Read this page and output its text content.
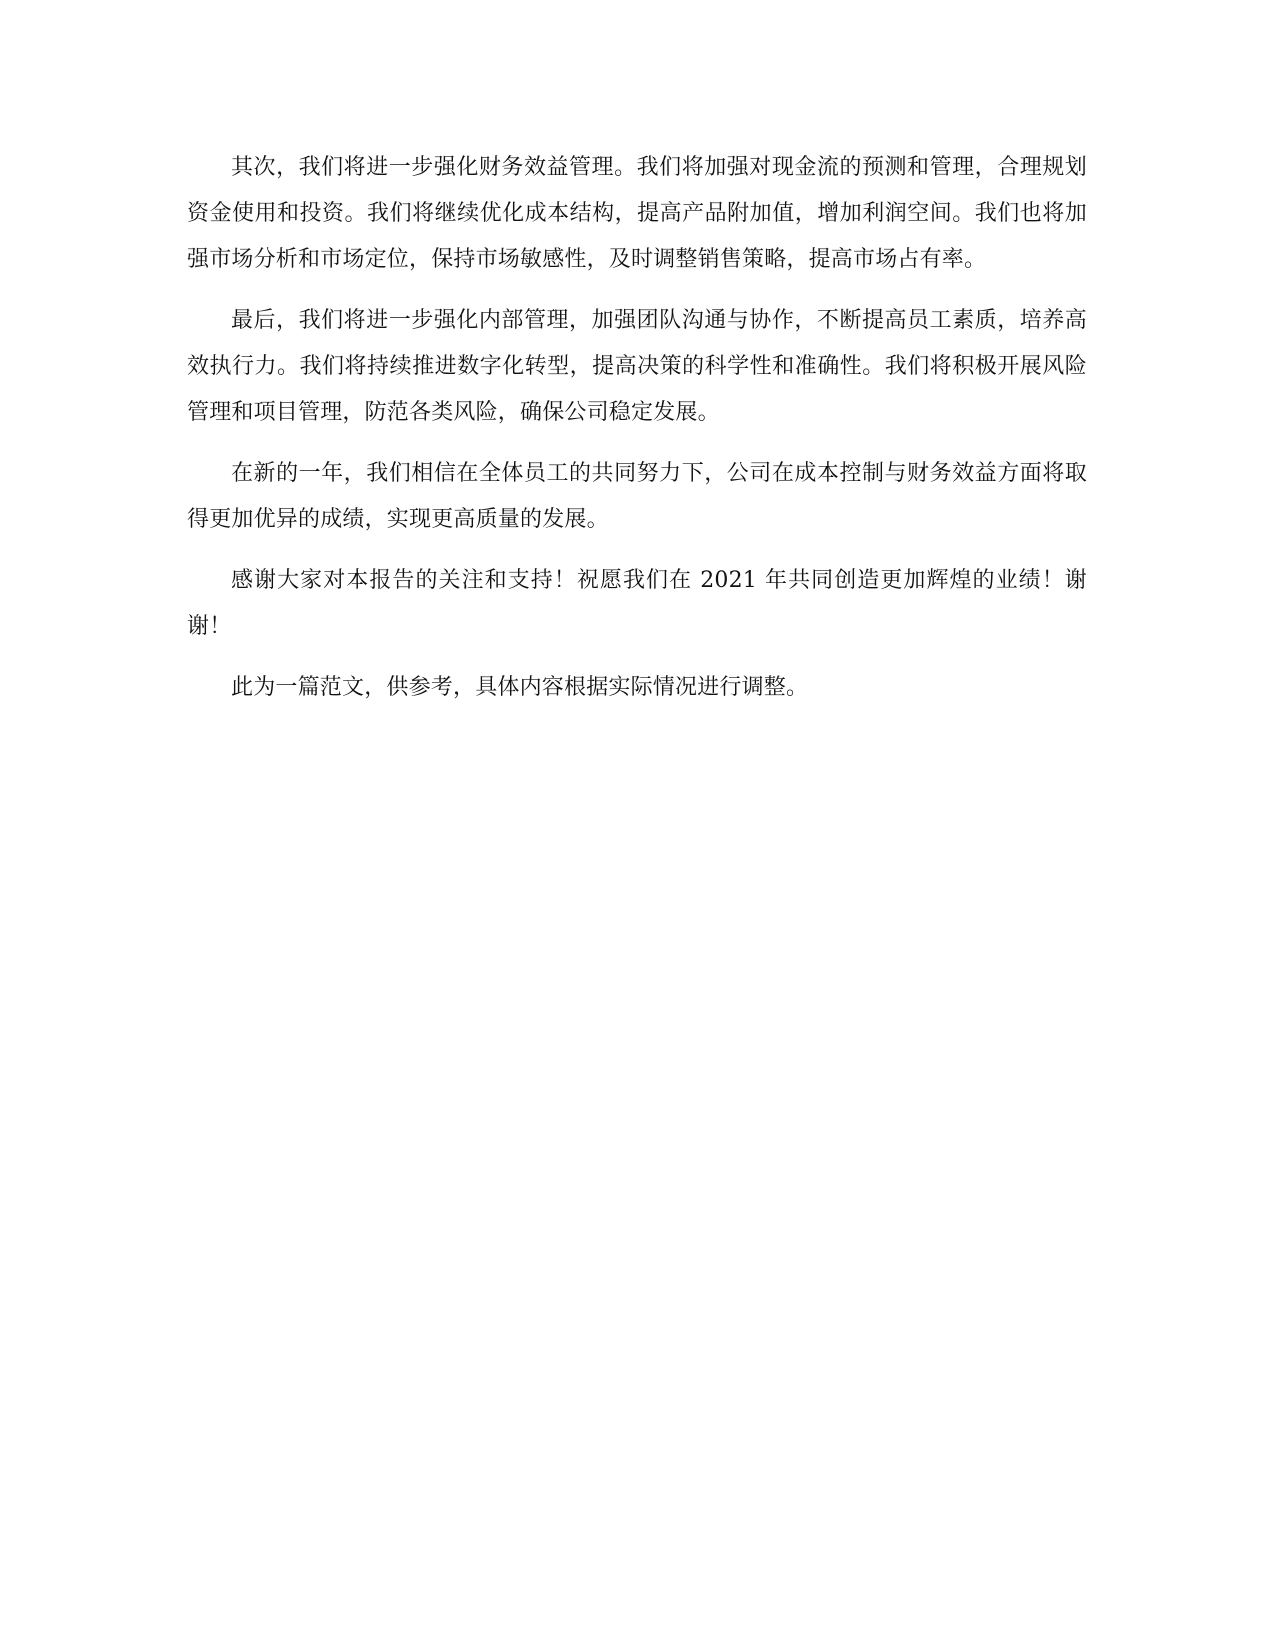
其次，我们将进一步强化财务效益管理。我们将加强对现金流的预测和管理，合理规划资金使用和投资。我们将继续优化成本结构，提高产品附加值，增加利润空间。我们也将加强市场分析和市场定位，保持市场敏感性，及时调整销售策略，提高市场占有率。

最后，我们将进一步强化内部管理，加强团队沟通与协作，不断提高员工素质，培养高效执行力。我们将持续推进数字化转型，提高决策的科学性和准确性。我们将积极开展风险管理和项目管理，防范各类风险，确保公司稳定发展。

在新的一年，我们相信在全体员工的共同努力下，公司在成本控制与财务效益方面将取得更加优异的成绩，实现更高质量的发展。

感谢大家对本报告的关注和支持！祝愿我们在 2021 年共同创造更加辉煌的业绩！谢谢！

此为一篇范文，供参考，具体内容根据实际情况进行调整。
